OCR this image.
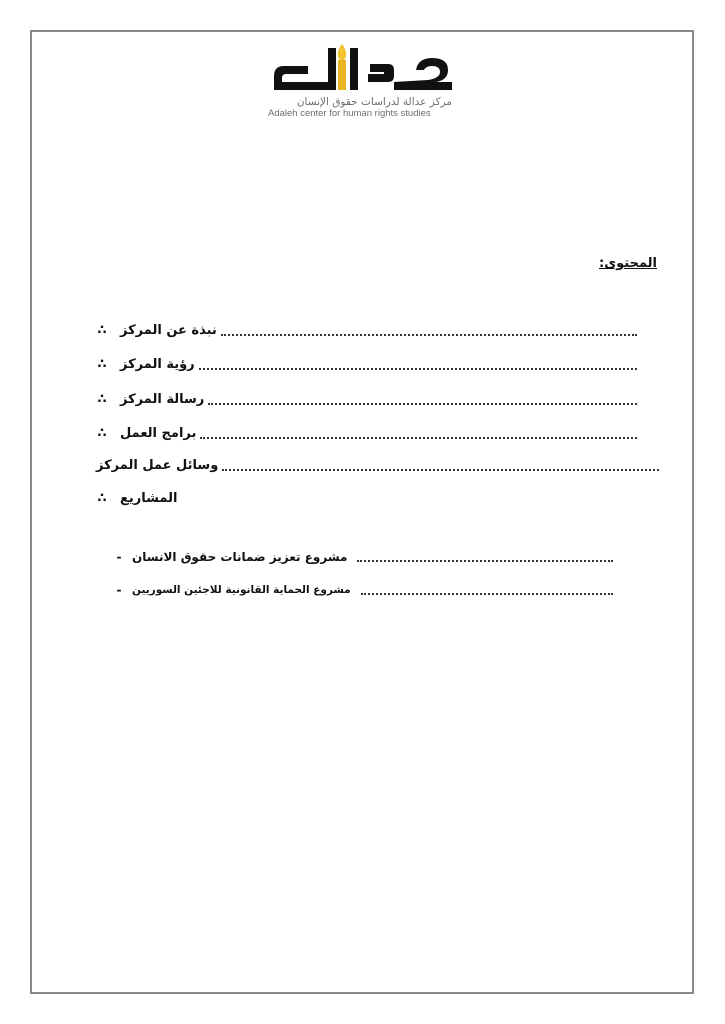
مركز عدالة لدراسات حقوق الإنسان
Adaleh center for human rights studies
المحتوى:
∴	نبذة عن المركز
∴	رؤية المركز
∴	رسالة المركز
∴	برامج العمل
وسائل عمل المركز
∴	المشاريع
- مشروع تعزيز ضمانات حقوق الانسان
-	مشروع الحماية القانونية للاجئين السوريين
